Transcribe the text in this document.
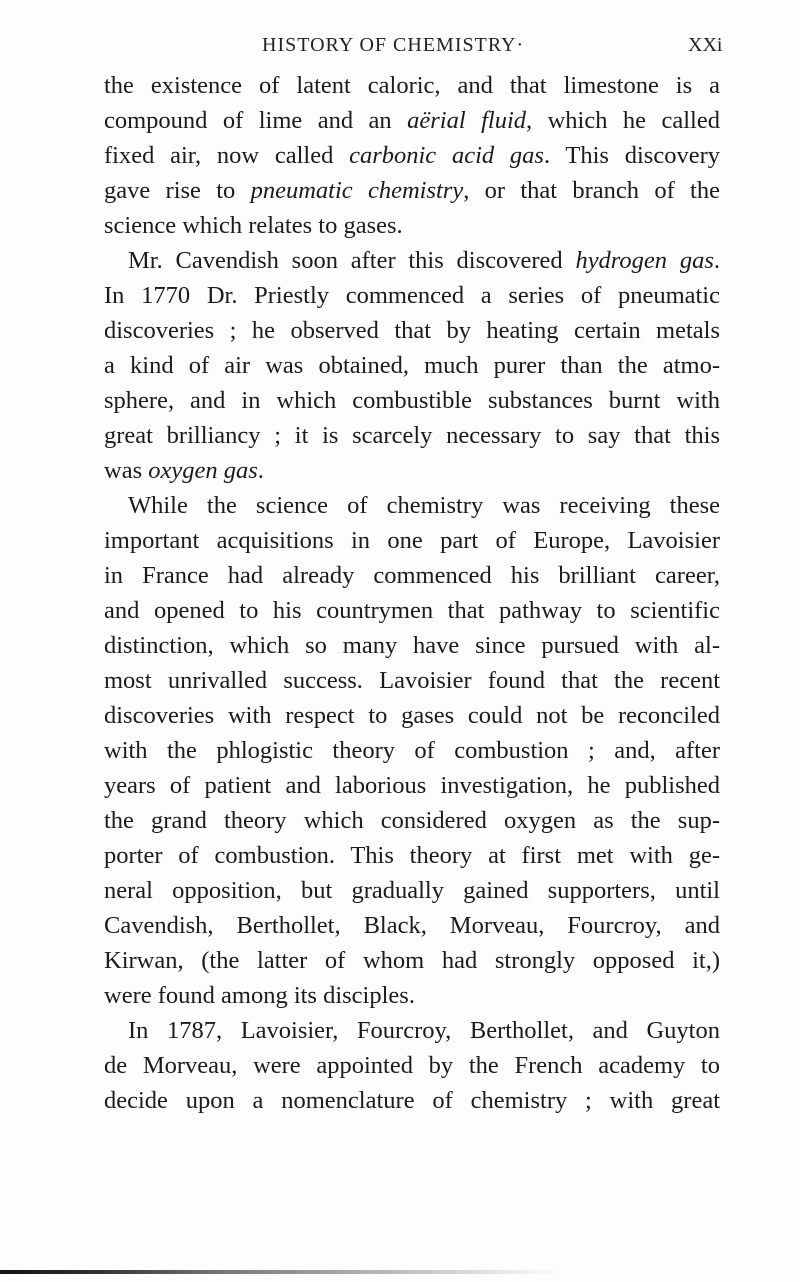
HISTORY OF CHEMISTRY·	XXi
the existence of latent caloric, and that limestone is a
compound of lime and an aërial fluid, which he called
fixed air, now called carbonic acid gas. This discovery
gave rise to pneumatic chemistry, or that branch of the
science which relates to gases.
Mr. Cavendish soon after this discovered hydrogen gas.
In 1770 Dr. Priestly commenced a series of pneumatic
discoveries ; he observed that by heating certain metals
a kind of air was obtained, much purer than the atmo-
sphere, and in which combustible substances burnt with
great brilliancy ; it is scarcely necessary to say that this
was oxygen gas.
While the science of chemistry was receiving these
important acquisitions in one part of Europe, Lavoisier
in France had already commenced his brilliant career,
and opened to his countrymen that pathway to scientific
distinction, which so many have since pursued with al-
most unrivalled success. Lavoisier found that the recent
discoveries with respect to gases could not be reconciled
with the phlogistic theory of combustion ; and, after
years of patient and laborious investigation, he published
the grand theory which considered oxygen as the sup-
porter of combustion. This theory at first met with ge-
neral opposition, but gradually gained supporters, until
Cavendish, Berthollet, Black, Morveau, Fourcroy, and
Kirwan, (the latter of whom had strongly opposed it,)
were found among its disciples.
In 1787, Lavoisier, Fourcroy, Berthollet, and Guyton
de Morveau, were appointed by the French academy to
decide upon a nomenclature of chemistry ; with great
